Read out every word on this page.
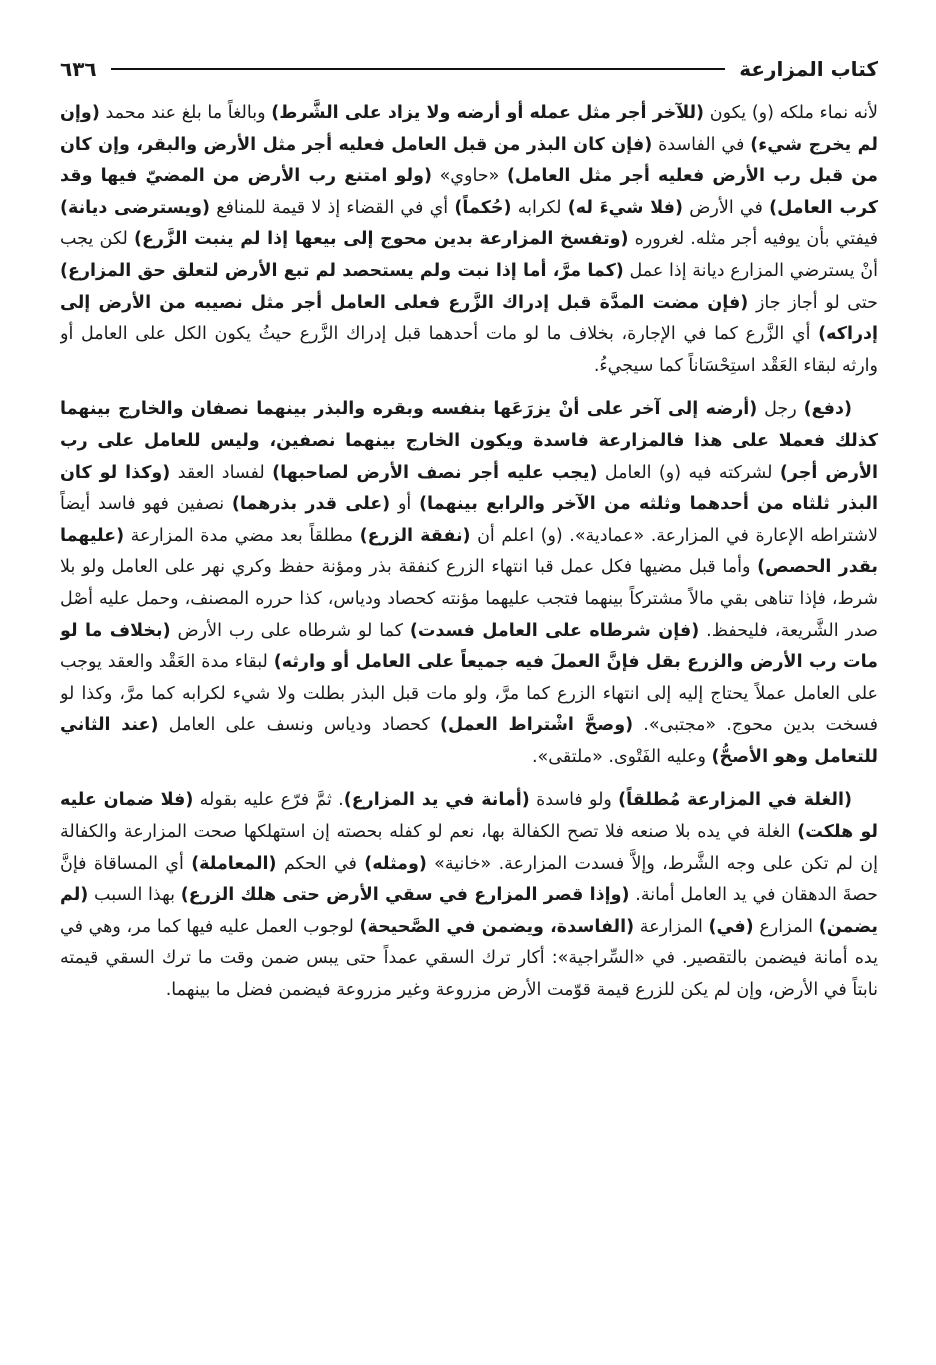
كتاب المزارعة
٦٣٦

لأنه نماء ملكه (و) يكون (للآخر أجر مثل عمله أو أرضه ولا يزاد على الشَّرط) وبالغاً ما بلغ عند محمد (وإن لم يخرج شيء) في الفاسدة (فإن كان البذر من قبل العامل فعليه أجر مثل الأرض والبقر، وإن كان من قبل رب الأرض فعليه أجر مثل العامل) «حاوي» (ولو امتنع رب الأرض من المضيّ فيها وقد كرب العامل) في الأرض (فلا شيءَ له) لكرابه (حُكماً) أي في القضاء إذ لا قيمة للمنافع (ويسترضى ديانة) فيفتي بأن يوفيه أجر مثله. لغروره (وتفسخ المزارعة بدين محوج إلى بيعها إذا لم ينبت الزَّرع) لكن يجب أنْ يسترضي المزارع ديانة إذا عمل (كما مرَّ، أما إذا نبت ولم يستحصد لم تبع الأرض لتعلق حق المزارع) حتى لو أجاز جاز (فإن مضت المدَّة قبل إدراك الزَّرع فعلى العامل أجر مثل نصيبه من الأرض إلى إدراكه) أي الزَّرع كما في الإجارة، بخلاف ما لو مات أحدهما قبل إدراك الزَّرع حيثُ يكون الكل على العامل أو وارثه لبقاء العَقْد استِحْسَاناً كما سيجيءُ.

(دفع) رجل (أرضه إلى آخر على أنْ يزرَعَها بنفسه وبقره والبذر بينهما نصفان والخارج بينهما كذلك فعملا على هذا فالمزارعة فاسدة ويكون الخارج بينهما نصفين، وليس للعامل على رب الأرض أجر) لشركته فيه (و) العامل (يجب عليه أجر نصف الأرض لصاحبها) لفساد العقد (وكذا لو كان البذر ثلثاه من أحدهما وثلثه من الآخر والرابع بينهما) أو (على قدر بذرهما) نصفين فهو فاسد أيضاً لاشتراطه الإعارة في المزارعة. «عمادية». (و) اعلم أن (نفقة الزرع) مطلقاً بعد مضي مدة المزارعة (عليهما بقدر الحصص) وأما قبل مضيها فكل عمل قبا انتهاء الزرع كنفقة بذر ومؤنة حفظ وكري نهر على العامل ولو بلا شرط، فإذا تناهى بقي مالاً مشتركاً بينهما فتجب عليهما مؤنته كحصاد ودياس، كذا حرره المصنف، وحمل عليه أصْل صدر الشَّريعة، فليحفظ. (فإن شرطاه على العامل فسدت) كما لو شرطاه على رب الأرض (بخلاف ما لو مات رب الأرض والزرع بقل فإنَّ العملَ فيه جميعاً على العامل أو وارثه) لبقاء مدة العَقْد والعقد يوجب على العامل عملاً يحتاج إليه إلى انتهاء الزرع كما مرَّ، ولو مات قبل البذر بطلت ولا شيء لكرابه كما مرَّ، وكذا لو فسخت بدين محوج. «مجتبى». (وصحَّ اشْتراط العمل) كحصاد ودياس ونسف على العامل (عند الثاني للتعامل وهو الأصحُّ) وعليه الفَتْوى. «ملتقى».

(الغلة في المزارعة مُطلقاً) ولو فاسدة (أمانة في يد المزارع). ثمَّ فرّع عليه بقوله (فلا ضمان عليه لو هلكت) الغلة في يده بلا صنعه فلا تصح الكفالة بها، نعم لو كفله بحصته إن استهلكها صحت المزارعة والكفالة إن لم تكن على وجه الشَّرط، وإلاَّ فسدت المزارعة. «خانية» (ومثله) في الحكم (المعاملة) أي المساقاة فإنَّ حصةَ الدهقان في يد العامل أمانة. (وإذا قصر المزارع في سقي الأرض حتى هلك الزرع) بهذا السبب (لم يضمن) المزارع (في) المزارعة (الفاسدة، ويضمن في الصَّحيحة) لوجوب العمل عليه فيها كما مر، وهي في يده أمانة فيضمن بالتقصير. في «السِّراجية»: أكار ترك السقي عمداً حتى يبس ضمن وقت ما ترك السقي قيمته نابتاً في الأرض، وإن لم يكن للزرع قيمة قوّمت الأرض مزروعة وغير مزروعة فيضمن فضل ما بينهما.
